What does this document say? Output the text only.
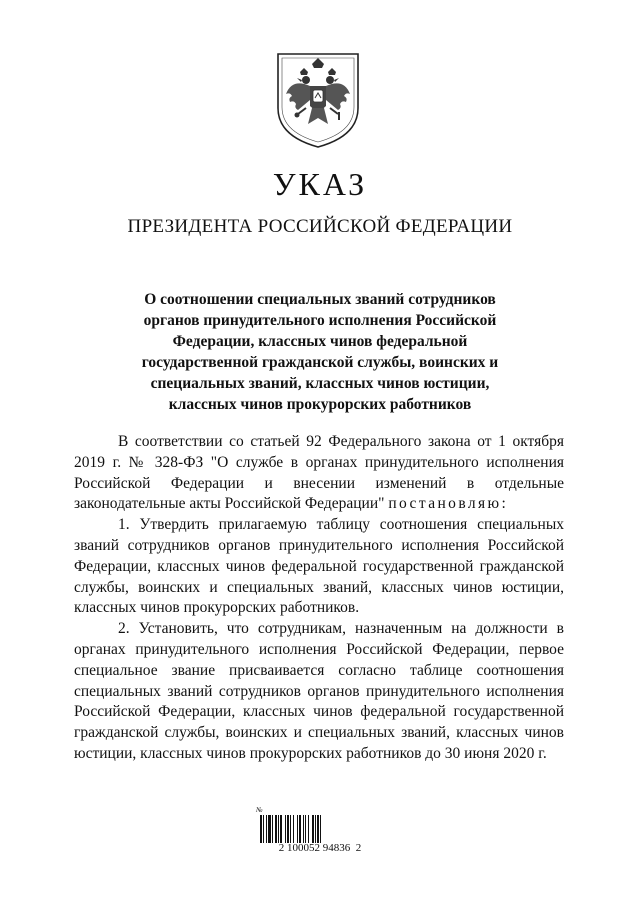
УКАЗ
ПРЕЗИДЕНТА РОССИЙСКОЙ ФЕДЕРАЦИИ
О соотношении специальных званий сотрудников
органов принудительного исполнения Российской
Федерации, классных чинов федеральной
государственной гражданской службы, воинских и
специальных званий, классных чинов юстиции,
классных чинов прокурорских работников

В соответствии со статьей 92 Федерального закона от 1 октября 2019 г. № 328-ФЗ "О службе в органах принудительного исполнения Российской Федерации и внесении изменений в отдельные законодательные акты Российской Федерации" постановляю:

1. Утвердить прилагаемую таблицу соотношения специальных званий сотрудников органов принудительного исполнения Российской Федерации, классных чинов федеральной государственной гражданской службы, воинских и специальных званий, классных чинов юстиции, классных чинов прокурорских работников.

2. Установить, что сотрудникам, назначенным на должности в органах принудительного исполнения Российской Федерации, первое специальное звание присваивается согласно таблице соотношения специальных званий сотрудников органов принудительного исполнения Российской Федерации, классных чинов федеральной государственной гражданской службы, воинских и специальных званий, классных чинов юстиции, классных чинов прокурорских работников до 30 июня 2020 г.

№
2 100052 94836  2
